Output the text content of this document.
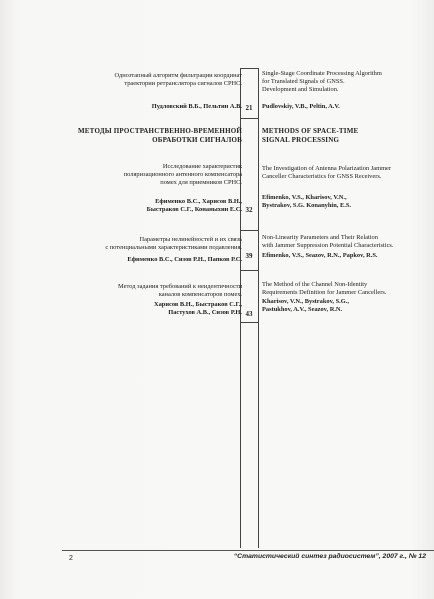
Однозтапный алгоритм фильтрации координат
траектории ретранслятора сигналов СРНС.
Пудловский В.Б., Пельтин А.В. 21
Single-Stage Coordinate Processing Algorithm
for Translated Signals of GNSS.
Development and Simulation.
Pudlovskiy, V.B., Peltin, A.V.
МЕТОДЫ ПРОСТРАНСТВЕННО-ВРЕМЕННОЙ
ОБРАБОТКИ СИГНАЛОВ
METHODS OF SPACE-TIME
SIGNAL PROCESSING
Исследование характеристик
поляризационного антенного компенсатора
помех для приемников СРНС.
Ефименко В.С., Харисов В.Н.,
Быстраков С.Г., Конаныхин Е.С. 32
The Investigation of Antenna Polarization Jammer
Canceller Characteristics for GNSS Receivers.
Efimenko, V.S., Kharisov, V.N.,
Bystrakov, S.G. Konanyhin, E.S.
Параметры нелинейностей и их связь
с потенциальными характеристиками подавления.
Ефименко В.С., Сизов Р.Н., Папков Р.С. 39
Non-Linearity Parameters and Their Relation
with Jammer Suppression Potential Characteristics.
Efimenko, V.S., Seazov, R.N., Papkov, R.S.
Метод задания требований к неидентичности
каналов компенсаторов помех.
Харисов В.Н., Быстраков С.Г.,
Пастухов А.В., Сизов Р.Н. 43
The Method of the Channel Non-Identity
Requirements Definition for Jammer Cancellers.
Kharisov, V.N., Bystrakov, S.G.,
Pastukhov, A.V., Seazov, R.N.
2	“Статистический синтез радиосистем”, 2007 г., № 12
